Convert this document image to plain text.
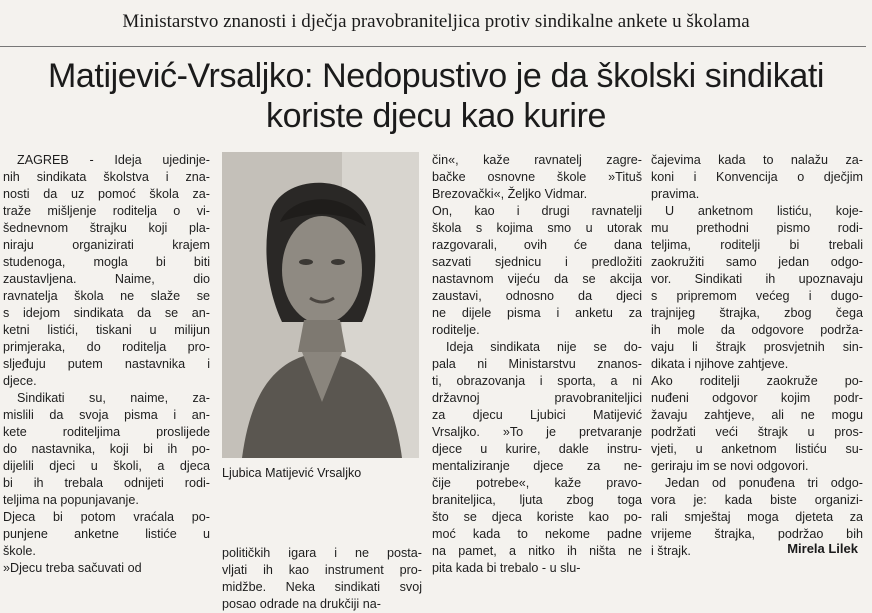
Ministarstvo znanosti i dječja pravobraniteljica protiv sindikalne ankete u školama
Matijević-Vrsaljko: Nedopustivo je da školski sindikati
koriste djecu kao kurire
ZAGREB - Ideja ujedinje-
nih sindikata školstva i zna-
nosti da uz pomoć škola za-
traže mišljenje roditelja o vi-
šednevnom štrajku koji pla-
niraju organizirati krajem
studenoga, mogla bi biti
zaustavljena. Naime, dio
ravnatelja škola ne slaže se
s idejom sindikata da se an-
ketni listići, tiskani u milijun
primjeraka, do roditelja pro-
sljeđuju putem nastavnika i
djece.
Sindikati su, naime, za-
mislili da svoja pisma i an-
kete roditeljima proslijede
do nastavnika, koji bi ih po-
dijelili djeci u školi, a djeca
bi ih trebala odnijeti rodi-
teljima na popunjavanje.
Djeca bi potom vraćala po-
punjene anketne listiće u
škole.
»Djecu treba sačuvati od
Ljubica Matijević Vrsaljko
političkih igara i ne posta-
vljati ih kao instrument pro-
midžbe. Neka sindikati svoj
posao odrade na drukčiji na-
čin«, kaže ravnatelj zagre-
bačke osnovne škole »Tituš
Brezovački«, Željko Vidmar.
On, kao i drugi ravnatelji
škola s kojima smo u utorak
razgovarali, ovih će dana
sazvati sjednicu i predložiti
nastavnom vijeću da se akcija
zaustavi, odnosno da djeci
ne dijele pisma i anketu za
roditelje.
Ideja sindikata nije se do-
pala ni Ministarstvu znanos-
ti, obrazovanja i sporta, a ni
državnoj pravobraniteljici
za djecu Ljubici Matijević
Vrsaljko. »To je pretvaranje
djece u kurire, dakle instru-
mentaliziranje djece za ne-
čije potrebe«, kaže pravo-
braniteljica, ljuta zbog toga
što se djeca koriste kao po-
moć kada to nekome padne
na pamet, a nitko ih ništa ne
pita kada bi trebalo - u slu-
čajevima kada to nalažu za-
koni i Konvencija o dječjim
pravima.
U anketnom listiću, koje-
mu prethodni pismo rodi-
teljima, roditelji bi trebali
zaokružiti samo jedan odgo-
vor. Sindikati ih upoznavaju
s pripremom većeg i dugo-
trajnijeg štrajka, zbog čega
ih mole da odgovore podrža-
vaju li štrajk prosvjetnih sin-
dikata i njihove zahtjeve.
Ako roditelji zaokruže po-
nuđeni odgovor kojim podr-
žavaju zahtjeve, ali ne mogu
podržati veći štrajk u pros-
vjeti, u anketnom listiću su-
geriraju im se novi odgovori.
Jedan od ponuđena tri odgo-
vora je: kada biste organizi-
rali smještaj moga djeteta za
vrijeme štrajka, podržao bih
i štrajk.	Mirela Lilek
